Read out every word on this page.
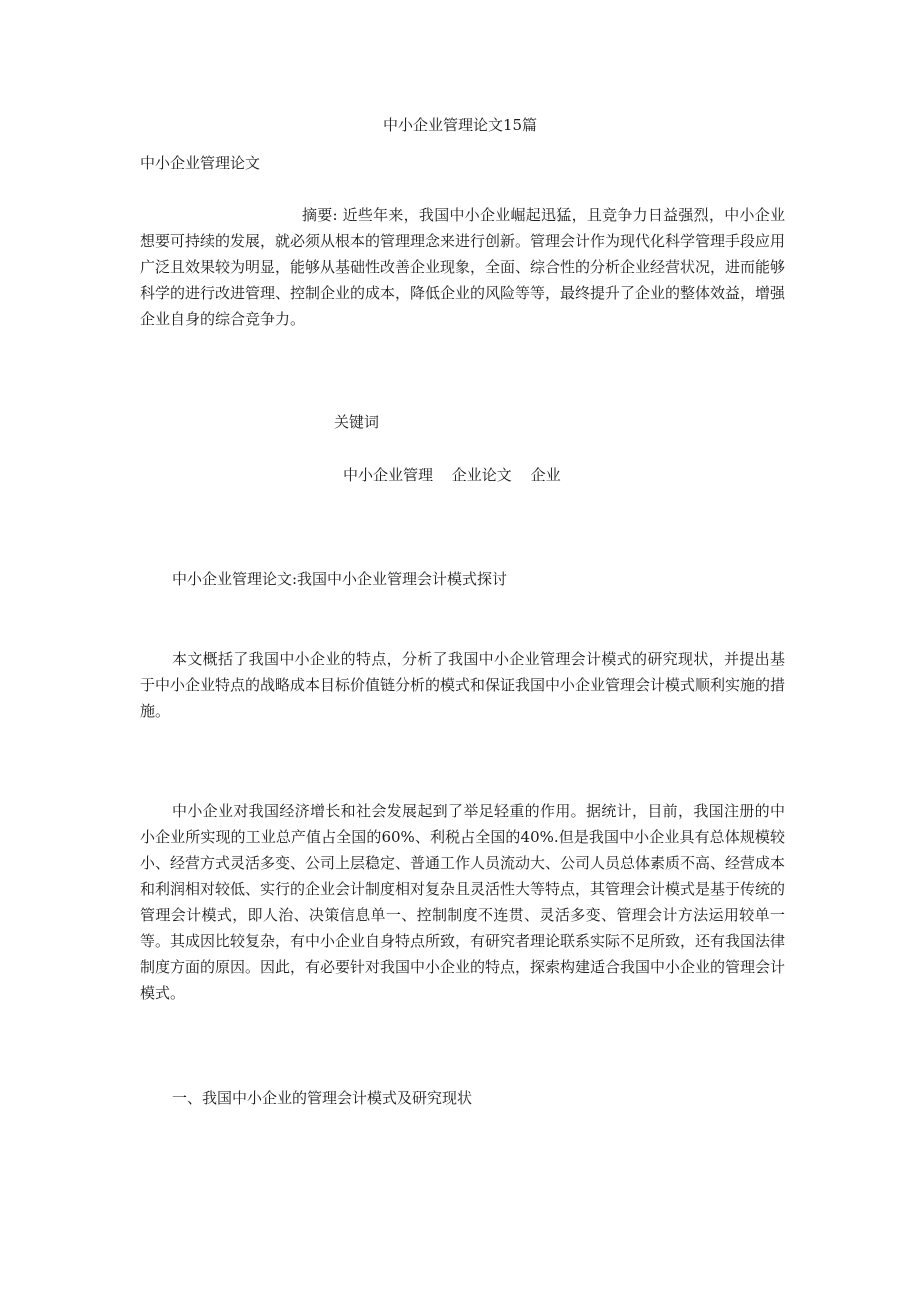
中小企业管理论文15篇
中小企业管理论文
摘要: 近些年来，我国中小企业崛起迅猛，且竞争力日益强烈，中小企业想要可持续的发展，就必须从根本的管理理念来进行创新。管理会计作为现代化科学管理手段应用广泛且效果较为明显，能够从基础性改善企业现象，全面、综合性的分析企业经营状况，进而能够科学的进行改进管理、控制企业的成本，降低企业的风险等等，最终提升了企业的整体效益，增强企业自身的综合竞争力。
关键词
中小企业管理 企业论文 企业
中小企业管理论文:我国中小企业管理会计模式探讨
本文概括了我国中小企业的特点，分析了我国中小企业管理会计模式的研究现状，并提出基于中小企业特点的战略成本目标价值链分析的模式和保证我国中小企业管理会计模式顺利实施的措施。
中小企业对我国经济增长和社会发展起到了举足轻重的作用。据统计，目前，我国注册的中小企业所实现的工业总产值占全国的60%、利税占全国的40%.但是我国中小企业具有总体规模较小、经营方式灵活多变、公司上层稳定、普通工作人员流动大、公司人员总体素质不高、经营成本和利润相对较低、实行的企业会计制度相对复杂且灵活性大等特点，其管理会计模式是基于传统的管理会计模式，即人治、决策信息单一、控制制度不连贯、灵活多变、管理会计方法运用较单一等。其成因比较复杂，有中小企业自身特点所致，有研究者理论联系实际不足所致，还有我国法律制度方面的原因。因此，有必要针对我国中小企业的特点，探索构建适合我国中小企业的管理会计模式。
一、我国中小企业的管理会计模式及研究现状
